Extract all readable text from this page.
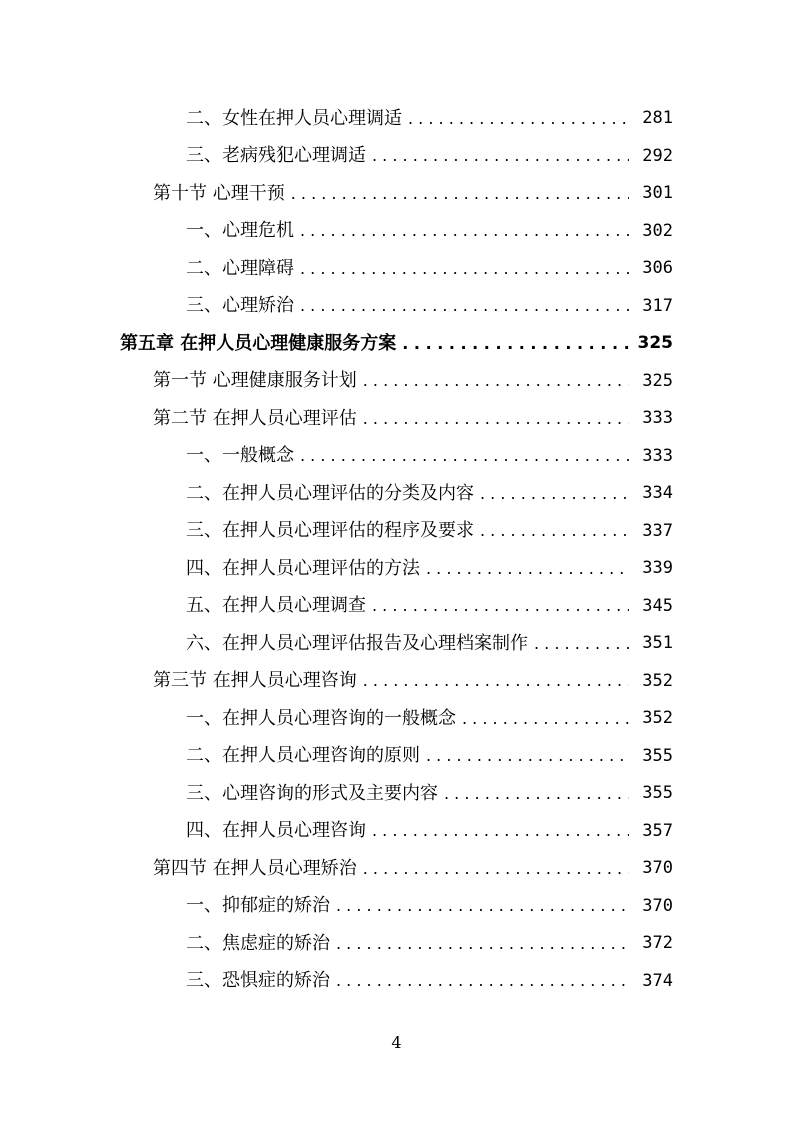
二、女性在押人员心理调适 . . .	281
三、老病残犯心理调适 . . .	292
第十节 心理干预 . . .	301
一、心理危机 . . .	302
二、心理障碍 . . .	306
三、心理矫治 . . .	317
第五章 在押人员心理健康服务方案 . . .	325
第一节 心理健康服务计划 . . .	325
第二节 在押人员心理评估 . . .	333
一、一般概念 . . .	333
二、在押人员心理评估的分类及内容 . . .	334
三、在押人员心理评估的程序及要求 . . .	337
四、在押人员心理评估的方法 . . .	339
五、在押人员心理调查 . . .	345
六、在押人员心理评估报告及心理档案制作 . . .	351
第三节 在押人员心理咨询 . . .	352
一、在押人员心理咨询的一般概念 . . .	352
二、在押人员心理咨询的原则 . . .	355
三、心理咨询的形式及主要内容 . . .	355
四、在押人员心理咨询 . . .	357
第四节 在押人员心理矫治 . . .	370
一、抑郁症的矫治 . . .	370
二、焦虑症的矫治 . . .	372
三、恐惧症的矫治 . . .	374
4
